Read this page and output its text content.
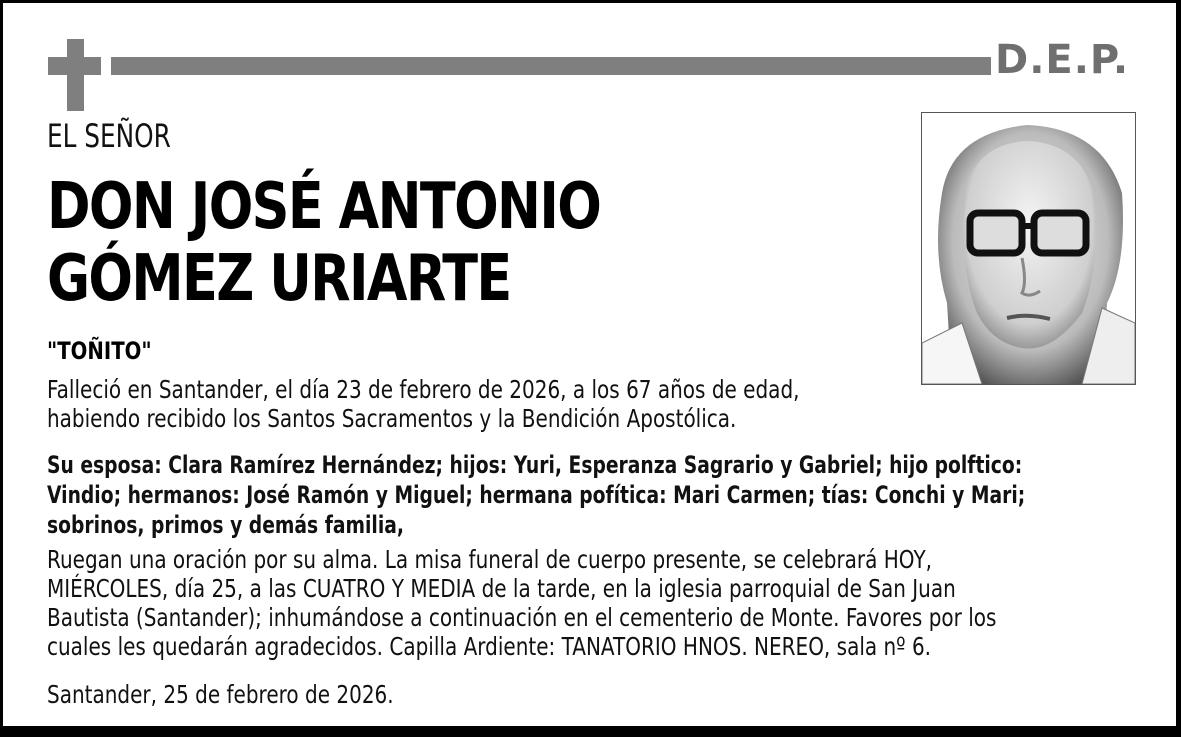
D.E.P.
EL SEÑOR
DON JOSÉ ANTONIO
GÓMEZ URIARTE
"TOÑITO"
Falleció en Santander, el día 23 de febrero de 2026, a los 67 años de edad,
habiendo recibido los Santos Sacramentos y la Bendición Apostólica.
Su esposa: Clara Ramírez Hernández; hijos: Yuri, Esperanza Sagrario y Gabriel; hijo polftico:
Vindio; hermanos: José Ramón y Miguel; hermana pofítica: Mari Carmen; tías: Conchi y Mari;
sobrinos, primos y demás familia,
Ruegan una oración por su alma. La misa funeral de cuerpo presente, se celebrará HOY,
MIÉRCOLES, día 25, a las CUATRO Y MEDIA de la tarde, en la iglesia parroquial de San Juan
Bautista (Santander); inhumándose a continuación en el cementerio de Monte. Favores por los
cuales les quedarán agradecidos. Capilla Ardiente: TANATORIO HNOS. NEREO, sala nº 6.
Santander, 25 de febrero de 2026.
